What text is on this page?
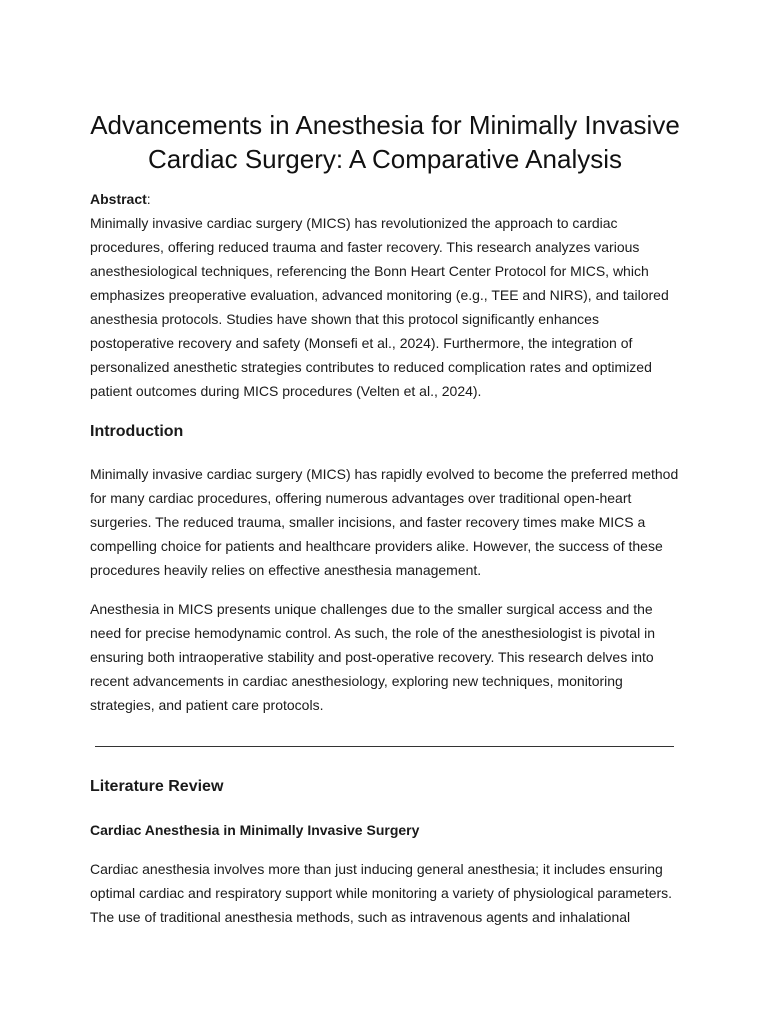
Advancements in Anesthesia for Minimally Invasive Cardiac Surgery: A Comparative Analysis
Abstract:

Minimally invasive cardiac surgery (MICS) has revolutionized the approach to cardiac procedures, offering reduced trauma and faster recovery. This research analyzes various anesthesiological techniques, referencing the Bonn Heart Center Protocol for MICS, which emphasizes preoperative evaluation, advanced monitoring (e.g., TEE and NIRS), and tailored anesthesia protocols. Studies have shown that this protocol significantly enhances postoperative recovery and safety (Monsefi et al., 2024). Furthermore, the integration of personalized anesthetic strategies contributes to reduced complication rates and optimized patient outcomes during MICS procedures (Velten et al., 2024).

Introduction

Minimally invasive cardiac surgery (MICS) has rapidly evolved to become the preferred method for many cardiac procedures, offering numerous advantages over traditional open-heart surgeries. The reduced trauma, smaller incisions, and faster recovery times make MICS a compelling choice for patients and healthcare providers alike. However, the success of these procedures heavily relies on effective anesthesia management.

Anesthesia in MICS presents unique challenges due to the smaller surgical access and the need for precise hemodynamic control. As such, the role of the anesthesiologist is pivotal in ensuring both intraoperative stability and post-operative recovery. This research delves into recent advancements in cardiac anesthesiology, exploring new techniques, monitoring strategies, and patient care protocols.

Literature Review
Cardiac Anesthesia in Minimally Invasive Surgery

Cardiac anesthesia involves more than just inducing general anesthesia; it includes ensuring optimal cardiac and respiratory support while monitoring a variety of physiological parameters. The use of traditional anesthesia methods, such as intravenous agents and inhalational
